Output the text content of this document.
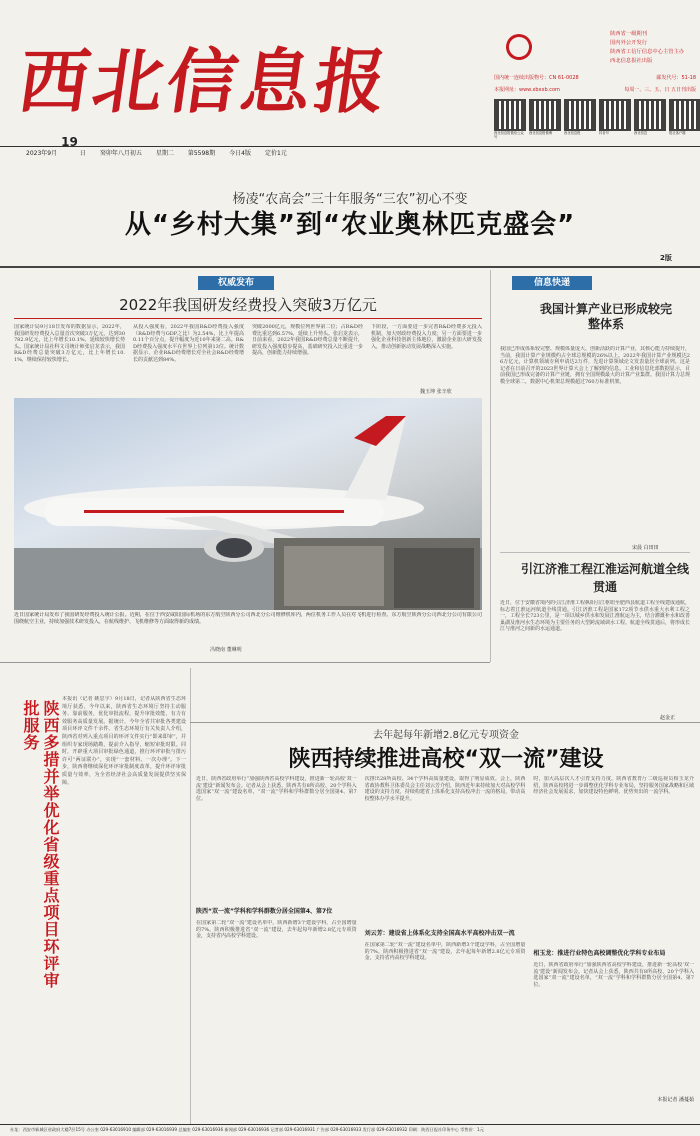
西北信息报
陕西省一级期刊
国内外公开发行
陕西省工信厅信息中心主管主办
西北信息报社出版
国内统一连续出版物号：CN 61-0028	邮发代号：51-18
本报网址：www.xbxxb.com	每周一、三、五、日 五日刊出版
西北信息报微信公众号
西北信息报微博	西北信息报	抖音号	西北信息	报社客户端
2023年9月
19
日 癸卯年八月初五 星期二 第5598期 今日4版 定价1元
杨凌“农高会”三十年服务“三农”初心不变
从“乡村大集”到“农业奥林匹克盛会”
2版
权威发布
2022年我国研发经费投入突破3万亿元
国家统计局9月18日发布的数据显示，2022年，我国研发经费投入总量首次突破3万亿元，达到30782.9亿元，比上年增长10.1%，延续较快增长势头。国家统计局社科文司统计师张启龙表示，我国R&D经费总量突破3万亿元，比上年增长10.1%，继续保持较快增长。
从投入强度看，2022年我国R&D经费投入强度（R&D经费与GDP之比）为2.54%，比上年提高0.11个百分点，提升幅度为近10年来第二高。R&D经费投入强度水平在世界上位列第13位。统计数据显示，企业R&D经费增长对全社会R&D经费增长的贡献达到84%。
突破2000亿元，规模位列世界第二位；占R&D经费比重达到6.57%，延续上升势头。张启龙表示，日前来看，2022年我国R&D经费总量不断提升，研发投入强度稳步提高，基础研究投入比重进一步提高，创新能力持续增强。
下阶段，一方面要进一步完善R&D经费多元投入机制，加大财政经费投入力度；另一方面要进一步强化企业科技创新主体地位，激励企业加大研发投入，推动创新驱动发展战略深入实施。
魏玉坤 张辛欣
近日国家统计局发布了我国研发经费投入统计公报。近期，在位于西安咸阳国际机场的东方航空陕西分公司西北分公司维修机库内，两位机务工作人员在对飞机进行检查。东方航空陕西分公司西北分公司有限公司围绕航空主业，持续加强技术研发投入，在航线维护、飞机维修等方面取得新的成绩。
冯晓南 董琳明
信息快递
我国计算产业已形成较完整体系
我国已形成体系较完整、规模体量庞大、创新活跃的计算产业，其核心能力持续提升，当前，我国计算产业规模约占全球总规模的26%以上。2022年我国计算产业规模达26万亿元，计算机领域专利申请达2万件，先进计算领域论文发表量居全球前列。这是记者在日前召开的2023世界计算大会上了解到的信息。工业和信息化部数据显示，目前我国已形成完备的计算产业链，拥有全国规模最大的计算产业集群。我国计算力总规模全球第二，数据中心机架总规模超过760万标准机架。
宋晨 白田田
引江济淮工程江淮运河航道全线贯通
近日，位于安徽省境内的引江济淮工程枞阳引江枢纽至肥西县航道工程全线建成通航，标志着江淮运河航道全线贯通。引江济淮工程是国家172项节水供水重大水利工程之一，工程全长723公里，是一项以城乡供水和发展江淮航运为主，结合灌溉补水和改善巢湖及淮河水生态环境为主要任务的大型跨流域调水工程。航道全线贯通后，将形成长江与淮河之间新的水运通道。
赵金正
陕西多措并举优化省级重点项目环评审批服务
本报讯（记者 姚思宇）9月18日，记者从陕西省生态环境厅获悉，今年以来，陕西省生态环境厅坚持主动服务、靠前服务，优化审批流程，提升审批效能，有力有效服务高质量发展。据统计，今年全省共审批各类建设项目环评文件千余件。省生态环境厅有关负责人介绍，陕西省对列入重点项目的环评文件实行“即来即审”，并组织专家现场踏勘，提前介入指导，缩短审批时限。同时，开辟重大项目审批绿色通道，推行环评审批与排污许可“两证联办”，实现“一套材料、一次办理”。下一步，陕西将继续深化环评审批制度改革，提升环评审批质量与效率，为全省经济社会高质量发展提供坚实保障。
去年起每年新增2.8亿元专项资金
陕西持续推进高校“双一流”建设
近日，陕西省政府举行“加强陕西省高校学科建设，推进新一轮高校‘双一流’建设”新闻发布会。记者从会上获悉，陕西共有8所高校、20个学科入选国家“双一流”建设名单，“双一流”学科和学科群数分居全国第4、第7位。
陕西“双一流”学科和学科群数分居全国第4、第7位
在国家第二轮“双一流”建设名单中，陕西新增3个建设学科，占全国增量的7%。陕西积极推进省“双一流”建设，去年起每年新增2.8亿元专项资金，支持省内高校学科建设。
次推出28所高校、34个学科高质量建设，取得了明显成效。会上，陕西省政协教科卫体委员会主任刘云芳介绍，陕西近年来持续加大对高校学科建设的支持力度，持续构建省上体系化支持高校冲击一流的格局，带动高校整体办学水平提升。
刘云芳：建设省上体系化支持全国高水平高校冲击双一流
在国家第二轮“双一流”建设名单中，陕西新增3个建设学科，占全国增量的7%。陕西积极推进省“双一流”建设，去年起每年新增2.8亿元专项资金，支持省内高校学科建设。
时，加大高层次人才引育支持力度。陕西省教育厅二级巡视员相玉龙介绍，陕西高校将进一步调整优化学科专业布局，坚持服务国家战略和区域经济社会发展需求，加快建设特色鲜明、优势突出的一流学科。
相玉龙：推进行业特色高校调整优化学科专业布局
近日，陕西省政府举行“加强陕西省高校学科建设，推进新一轮高校‘双一流’建设”新闻发布会。记者从会上获悉，陕西共有8所高校、20个学科入选国家“双一流”建设名单，“双一流”学科和学科群数分居全国第4、第7位。
本报记者 潘蔓茹
社址：西安市新城区省政府大楼7层15号 办公室 029-63016910 编辑部 029-63016939 总编室 029-63016936 新闻部 029-63016936 记者部 029-63016931 广告部 029-63016933 发行部 029-63016932 印刷：陕西日报社印务中心 零售价：1元
